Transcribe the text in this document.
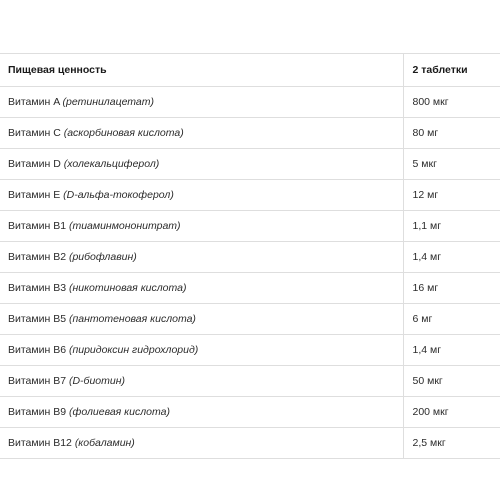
Пищевая ценность	2 таблетки
Витамин A (ретинилацетат)	800 мкг
Витамин C (аскорбиновая кислота)	80 мг
Витамин D (холекальциферол)	5 мкг
Витамин E (D-альфа-токоферол)	12 мг
Витамин B1 (тиаминмононитрат)	1,1 мг
Витамин B2 (рибофлавин)	1,4 мг
Витамин B3 (никотиновая кислота)	16 мг
Витамин B5 (пантотеновая кислота)	6 мг
Витамин B6 (пиридоксин гидрохлорид)	1,4 мг
Витамин B7 (D-биотин)	50 мкг
Витамин B9 (фолиевая кислота)	200 мкг
Витамин B12 (кобаламин)	2,5 мкг
